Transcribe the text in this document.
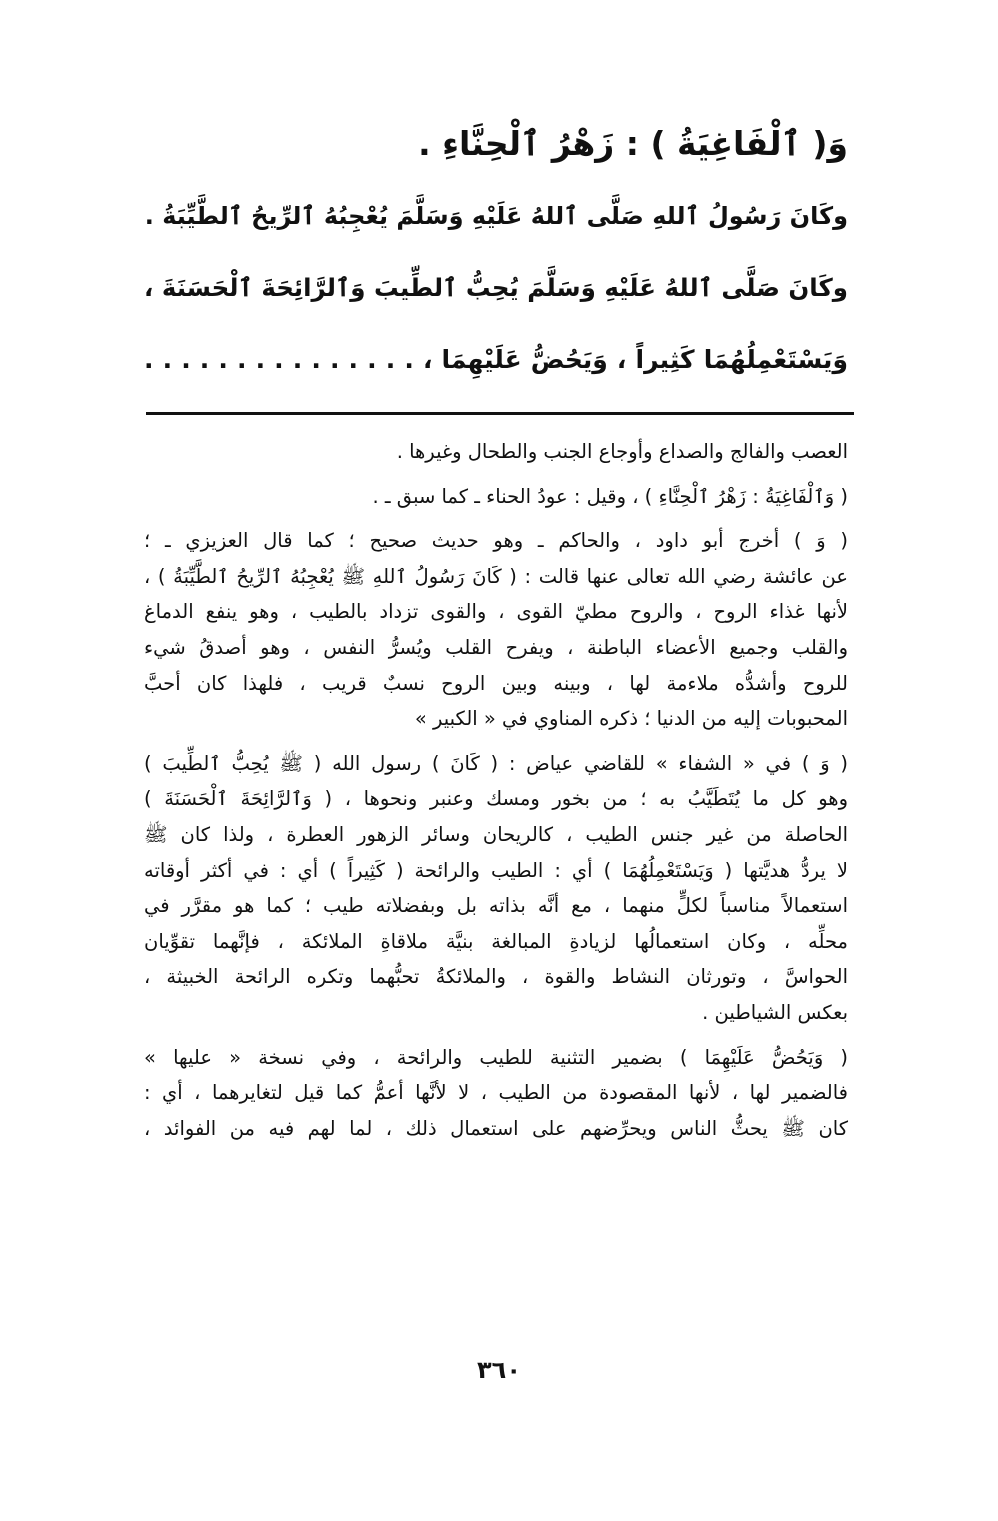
وَ( ٱلْفَاغِيَةُ ) : زَهْرُ ٱلْحِنَّاءِ .
وكَانَ رَسُولُ ٱللهِ صَلَّى ٱللهُ عَلَيْهِ وَسَلَّمَ يُعْجِبُهُ ٱلرِّيحُ ٱلطَّيِّبَةُ .
وكَانَ صَلَّى ٱللهُ عَلَيْهِ وَسَلَّمَ يُحِبُّ ٱلطِّيبَ وَٱلرَّائِحَةَ ٱلْحَسَنَةَ ،
وَيَسْتَعْمِلُهُمَا كَثِيراً ، وَيَحُضُّ عَلَيْهِمَا ، . . . . . . . . . . . . . . .
العصب والفالج والصداع وأوجاع الجنب والطحال وغيرها .
( وَٱلْفَاغِيَةُ : زَهْرُ ٱلْحِنَّاءِ ) ، وقيل : عودُ الحناء ـ كما سبق ـ .
( وَ ) أخرج أبو داود ، والحاكم ـ وهو حديث صحيح ؛ كما قال العزيزي ـ ؛
عن عائشة رضي الله تعالى عنها قالت : ( كَانَ رَسُولُ ٱللهِ ﷺ يُعْجِبُهُ ٱلرِّيحُ ٱلطَّيِّبَةُ ) ،
لأنها غذاء الروح ، والروح مطيّ القوى ، والقوى تزداد بالطيب ، وهو ينفع الدماغ
والقلب وجميع الأعضاء الباطنة ، ويفرح القلب ويُسرُّ النفس ، وهو أصدقُ شيء
للروح وأشدُّه ملاءمة لها ، وبينه وبين الروح نسبٌ قريب ، فلهذا كان أحبَّ
المحبوبات إليه من الدنيا ؛ ذكره المناوي في « الكبير »
( وَ ) في « الشفاء » للقاضي عياض : ( كَانَ ) رسول الله ( ﷺ يُحِبُّ ٱلطِّيبَ )
وهو كل ما يُتَطَيَّبُ به ؛ من بخور ومسك وعنبر ونحوها ، ( وَٱلرَّائِحَةَ ٱلْحَسَنَةَ )
الحاصلة من غير جنس الطيب ، كالريحان وسائر الزهور العطرة ، ولذا كان ﷺ
لا يردُّ هديَّتها ( وَيَسْتَعْمِلُهُمَا ) أي : الطيب والرائحة ( كَثِيراً ) أي : في أكثر أوقاته
استعمالاً مناسباً لكلٍّ منهما ، مع أنَّه بذاته بل وبفضلاته طيب ؛ كما هو مقرَّر في
محلِّه ، وكان استعمالُها لزيادةِ المبالغة بنيَّة ملاقاةِ الملائكة ، فإنَّهما تقوِّيان
الحواسَّ ، وتورثان النشاط والقوة ، والملائكةُ تحبُّهما وتكره الرائحة الخبيثة ،
بعكس الشياطين .
( وَيَحُضُّ عَلَيْهِمَا ) بضمير التثنية للطيب والرائحة ، وفي نسخة « عليها »
فالضمير لها ، لأنها المقصودة من الطيب ، لا لأنَّها أعمُّ كما قيل لتغايرهما ، أي :
كان ﷺ يحثُّ الناس ويحرِّضهم على استعمال ذلك ، لما لهم فيه من الفوائد ،
٣٦٠
